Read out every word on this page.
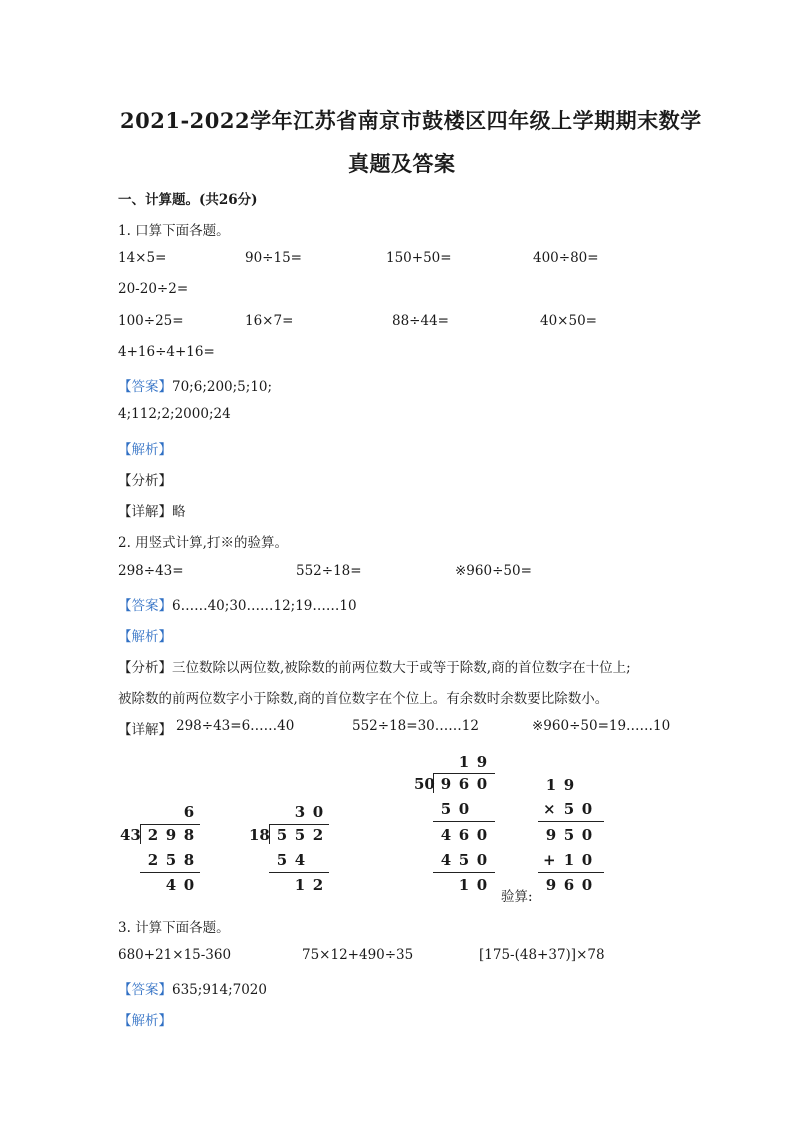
2021-2022学年江苏省南京市鼓楼区四年级上学期期末数学
真题及答案
一、计算题。(共26分)
1. 口算下面各题。
14×5=	90÷15=	150+50=	400÷80=
20-20÷2=
100÷25=	16×7=	88÷44=	40×50=
4+16÷4+16=
【答案】70;6;200;5;10;
4;112;2;2000;24
【解析】
【分析】
【详解】略
2. 用竖式计算,打※的验算。
298÷43=	552÷18=	※960÷50=
【答案】6……40;30……12;19……10
【解析】
【分析】三位数除以两位数,被除数的前两位数大于或等于除数,商的首位数字在十位上;
被除数的前两位数字小于除数,商的首位数字在个位上。有余数时余数要比除数小。
【详解】 298÷43=6……40	552÷18=30……12	※960÷50=19……10
6
43 2 9 8
2 5 8
4 0
3 0
18 5 5 2
5 4
1 2
1 9
50 9 6 0
5 0
4 6 0
4 5 0
1 0
1 9
× 5 0
9 5 0
+ 1 0
9 6 0
验算:
3. 计算下面各题。
680+21×15-360	75×12+490÷35	[175-(48+37)]×78
【答案】635;914;7020
【解析】
